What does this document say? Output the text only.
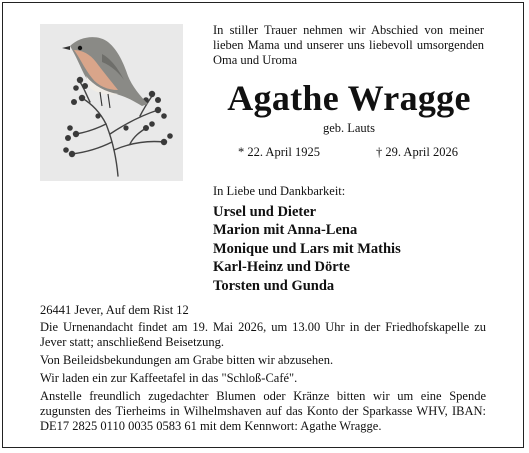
In stiller Trauer nehmen wir Abschied von meiner lieben Mama und unserer uns liebevoll umsorgenden Oma und Uroma
Agathe Wragge
geb. Lauts
* 22. April 1925	† 29. April 2026
In Liebe und Dankbarkeit:
Ursel und Dieter
Marion mit Anna-Lena
Monique und Lars mit Mathis
Karl-Heinz und Dörte
Torsten und Gunda
26441 Jever, Auf dem Rist 12

Die Urnenandacht findet am 19. Mai 2026, um 13.00 Uhr in der Friedhofskapelle zu Jever statt; anschließend Beisetzung.

Von Beileidsbekundungen am Grabe bitten wir abzusehen.

Wir laden ein zur Kaffeetafel in das "Schloß-Café".

Anstelle freundlich zugedachter Blumen oder Kränze bitten wir um eine Spende zugunsten des Tierheims in Wilhelmshaven auf das Konto der Sparkasse WHV, IBAN: DE17 2825 0110 0035 0583 61 mit dem Kennwort: Agathe Wragge.
